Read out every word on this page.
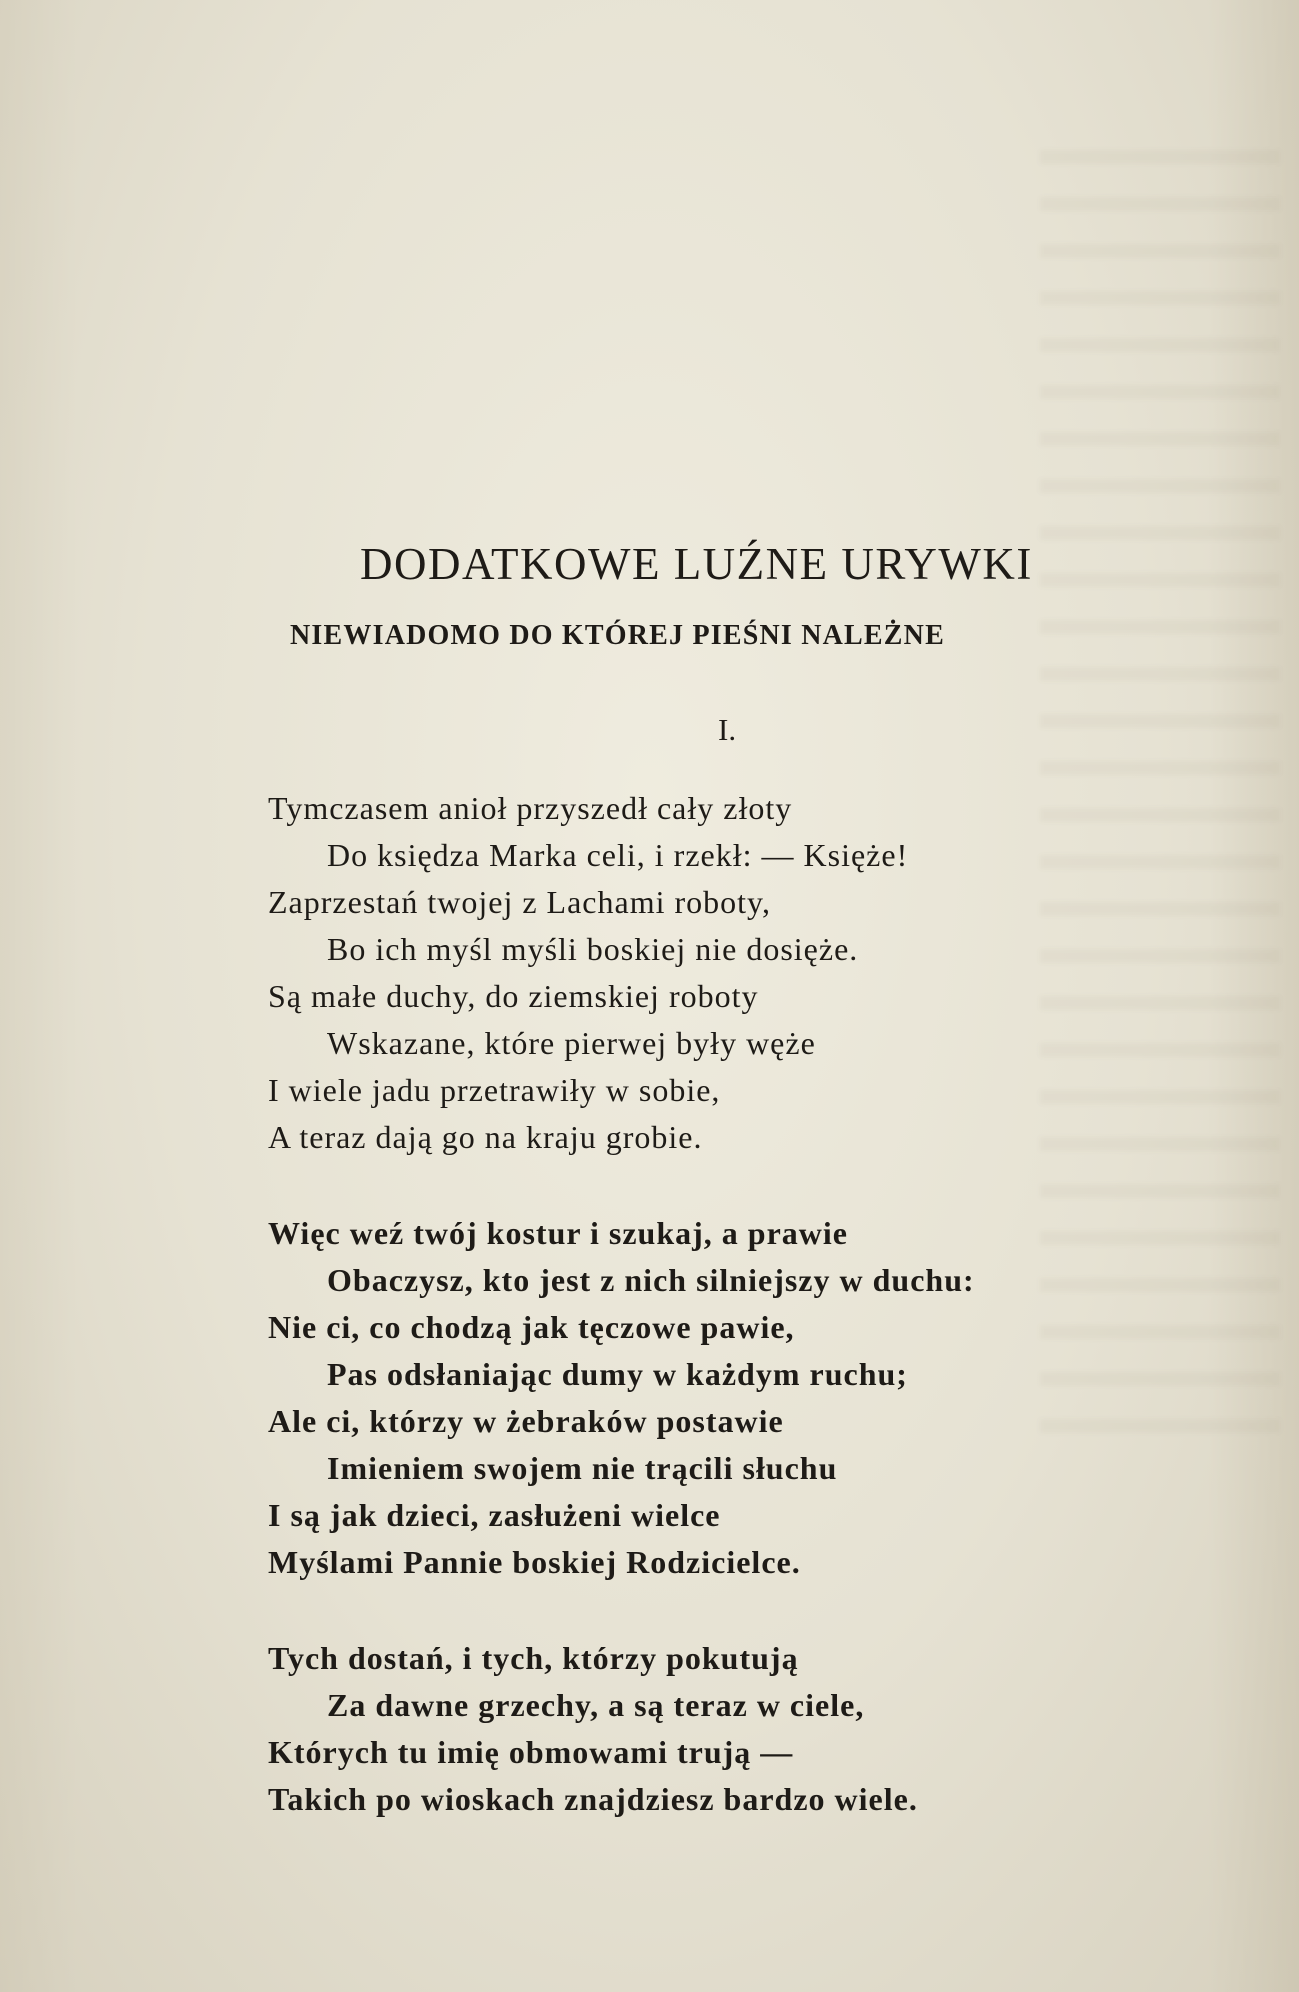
DODATKOWE LUŹNE URYWKI
NIEWIADOMO DO KTÓREJ PIEŚNI NALEŻNE
I.
Tymczasem anioł przyszedł cały złoty
Do księdza Marka celi, i rzekł: — Księże!
Zaprzestań twojej z Lachami roboty,
Bo ich myśl myśli boskiej nie dosięże.
Są małe duchy, do ziemskiej roboty
Wskazane, które pierwej były węże
I wiele jadu przetrawiły w sobie,
A teraz dają go na kraju grobie.
Więc weź twój kostur i szukaj, a prawie
Obaczysz, kto jest z nich silniejszy w duchu:
Nie ci, co chodzą jak tęczowe pawie,
Pas odsłaniając dumy w każdym ruchu;
Ale ci, którzy w żebraków postawie
Imieniem swojem nie trącili słuchu
I są jak dzieci, zasłużeni wielce
Myślami Pannie boskiej Rodzicielce.
Tych dostań, i tych, którzy pokutują
Za dawne grzechy, a są teraz w ciele,
Których tu imię obmowami trują —
Takich po wioskach znajdziesz bardzo wiele.
